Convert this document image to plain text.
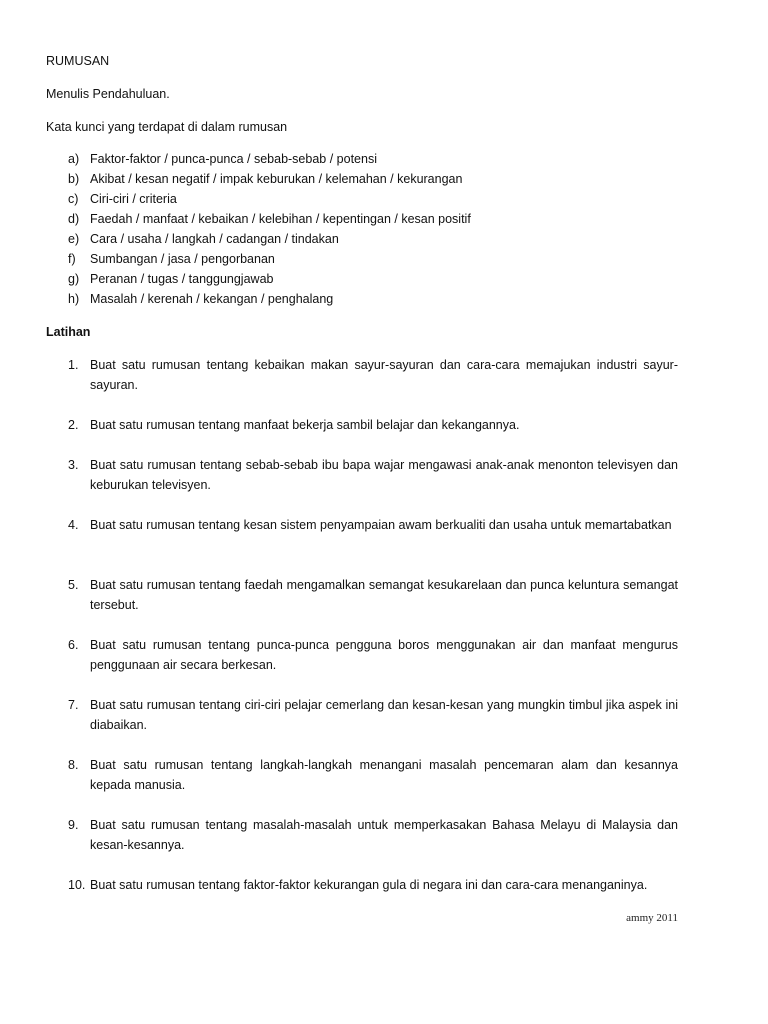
RUMUSAN
Menulis Pendahuluan.
Kata kunci yang terdapat di dalam rumusan
a) Faktor-faktor / punca-punca / sebab-sebab / potensi
b) Akibat / kesan negatif / impak keburukan / kelemahan / kekurangan
c) Ciri-ciri / criteria
d) Faedah / manfaat / kebaikan / kelebihan / kepentingan / kesan positif
e) Cara / usaha / langkah / cadangan / tindakan
f) Sumbangan / jasa / pengorbanan
g) Peranan / tugas / tanggungjawab
h) Masalah / kerenah / kekangan / penghalang
Latihan
1. Buat satu rumusan tentang kebaikan makan sayur-sayuran dan cara-cara memajukan industri sayur-sayuran.
2. Buat satu rumusan tentang manfaat bekerja sambil belajar dan kekangannya.
3. Buat satu rumusan tentang sebab-sebab ibu bapa wajar mengawasi anak-anak menonton televisyen dan keburukan televisyen.
4. Buat satu rumusan tentang kesan sistem penyampaian awam berkualiti dan usaha untuk memartabatkan
5. Buat satu rumusan tentang faedah mengamalkan semangat kesukarelaan dan punca keluntura semangat tersebut.
6. Buat satu rumusan tentang punca-punca pengguna boros menggunakan air dan manfaat mengurus penggunaan air secara berkesan.
7. Buat satu rumusan tentang ciri-ciri pelajar cemerlang dan kesan-kesan yang mungkin timbul jika aspek ini diabaikan.
8. Buat satu rumusan tentang langkah-langkah menangani masalah pencemaran alam dan kesannya kepada manusia.
9. Buat satu rumusan tentang masalah-masalah untuk memperkasakan Bahasa Melayu di Malaysia dan kesan-kesannya.
10. Buat satu rumusan tentang faktor-faktor kekurangan gula di negara ini dan cara-cara menanganinya.
ammy 2011
